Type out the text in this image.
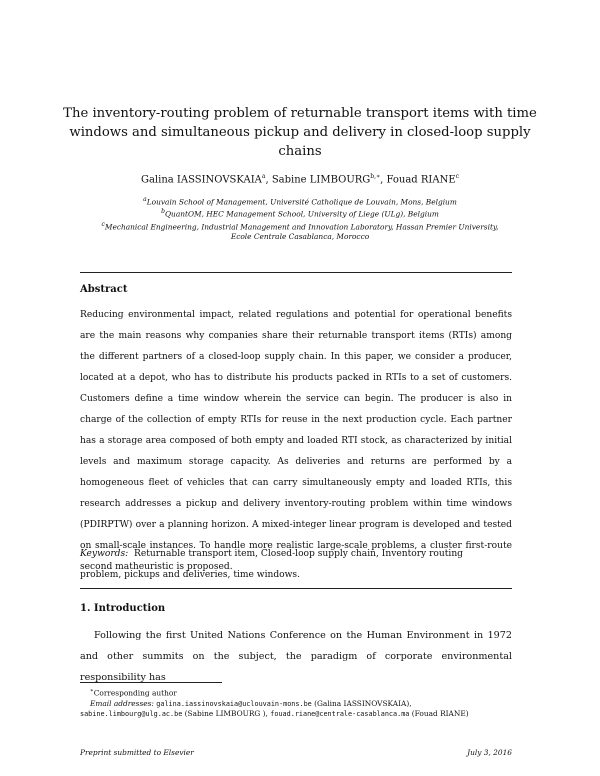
The inventory-routing problem of returnable transport items with time
windows and simultaneous pickup and delivery in closed-loop supply
chains
Galina IASSINOVSKAIA$^a$, Sabine $LIMBOURG^{b,∗}$, Fouad RIANE$^c$
$^a$Louvain School of Management, Université Catholique de Louvain, Mons, Belgium
$^b$QuantOM, HEC Management School, University of Liege (ULg), Belgium
$^c$Mechanical Engineering, Industrial Management and Innovation Laboratory, Hassan Premier University,
Ecole Centrale Casablanca, Morocco
Abstract

Reducing environmental impact, related regulations and potential for operational benefits are the main reasons why companies share their returnable transport items (RTIs) among the different partners of a closed-loop supply chain. In this paper, we consider a producer, located at a depot, who has to distribute his products packed in RTIs to a set of customers. Customers define a time window wherein the service can begin. The producer is also in charge of the collection of empty RTIs for reuse in the next production cycle. Each partner has a storage area composed of both empty and loaded RTI stock, as characterized by initial levels and maximum storage capacity. As deliveries and returns are performed by a homogeneous fleet of vehicles that can carry simultaneously empty and loaded RTIs, this research addresses a pickup and delivery inventory-routing problem within time windows (PDIRPTW) over a planning horizon. A mixed-integer linear program is developed and tested on small-scale instances. To handle more realistic large-scale problems, a cluster first-route second matheuristic is proposed.

Keywords: Returnable transport item, Closed-loop supply chain, Inventory routing
problem, pickups and deliveries, time windows.
1. Introduction
Following the first United Nations Conference on the Human Environment in 1972 and other summits on the subject, the paradigm of corporate environmental responsibility has
∗Corresponding author
Email addresses: galina.iassinovskaia@uclouvain-mons.be (Galina IASSINOVSKAIA),
sabine.limbourg@ulg.ac.be (Sabine LIMBOURG ), fouad.riane@centrale-casablanca.ma (Fouad RIANE)
Preprint submitted to Elsevier	July 3, 2016
